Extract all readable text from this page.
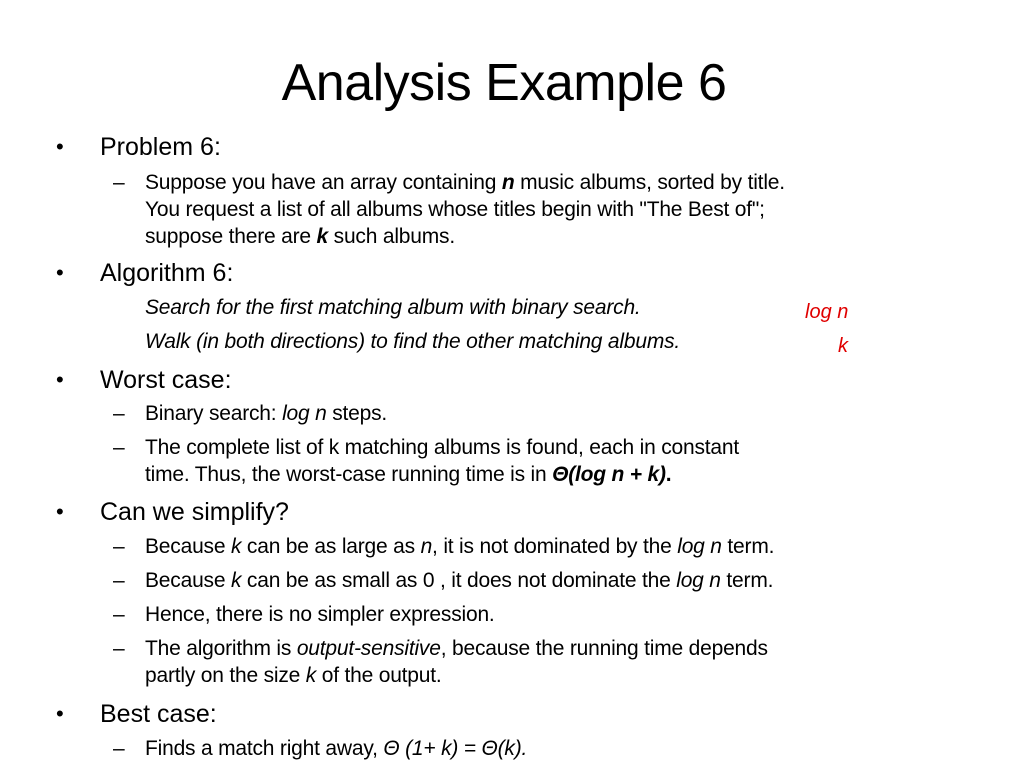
Analysis Example 6
• Problem 6:
– Suppose you have an array containing n music albums, sorted by title.
You request a list of all albums whose titles begin with "The Best of";
suppose there are k such albums.
• Algorithm 6:
Search for the first matching album with binary search.	log n
Walk (in both directions) to find the other matching albums.	k
• Worst case:
– Binary search: log n steps.
– The complete list of k matching albums is found, each in constant
time. Thus, the worst-case running time is in Θ(log n + k).
• Can we simplify?
– Because k can be as large as n, it is not dominated by the log n term.
– Because k can be as small as 0 , it does not dominate the log n term.
– Hence, there is no simpler expression.
– The algorithm is output-sensitive, because the running time depends
partly on the size k of the output.
• Best case:
– Finds a match right away, Θ (1+ k) = Θ(k).
